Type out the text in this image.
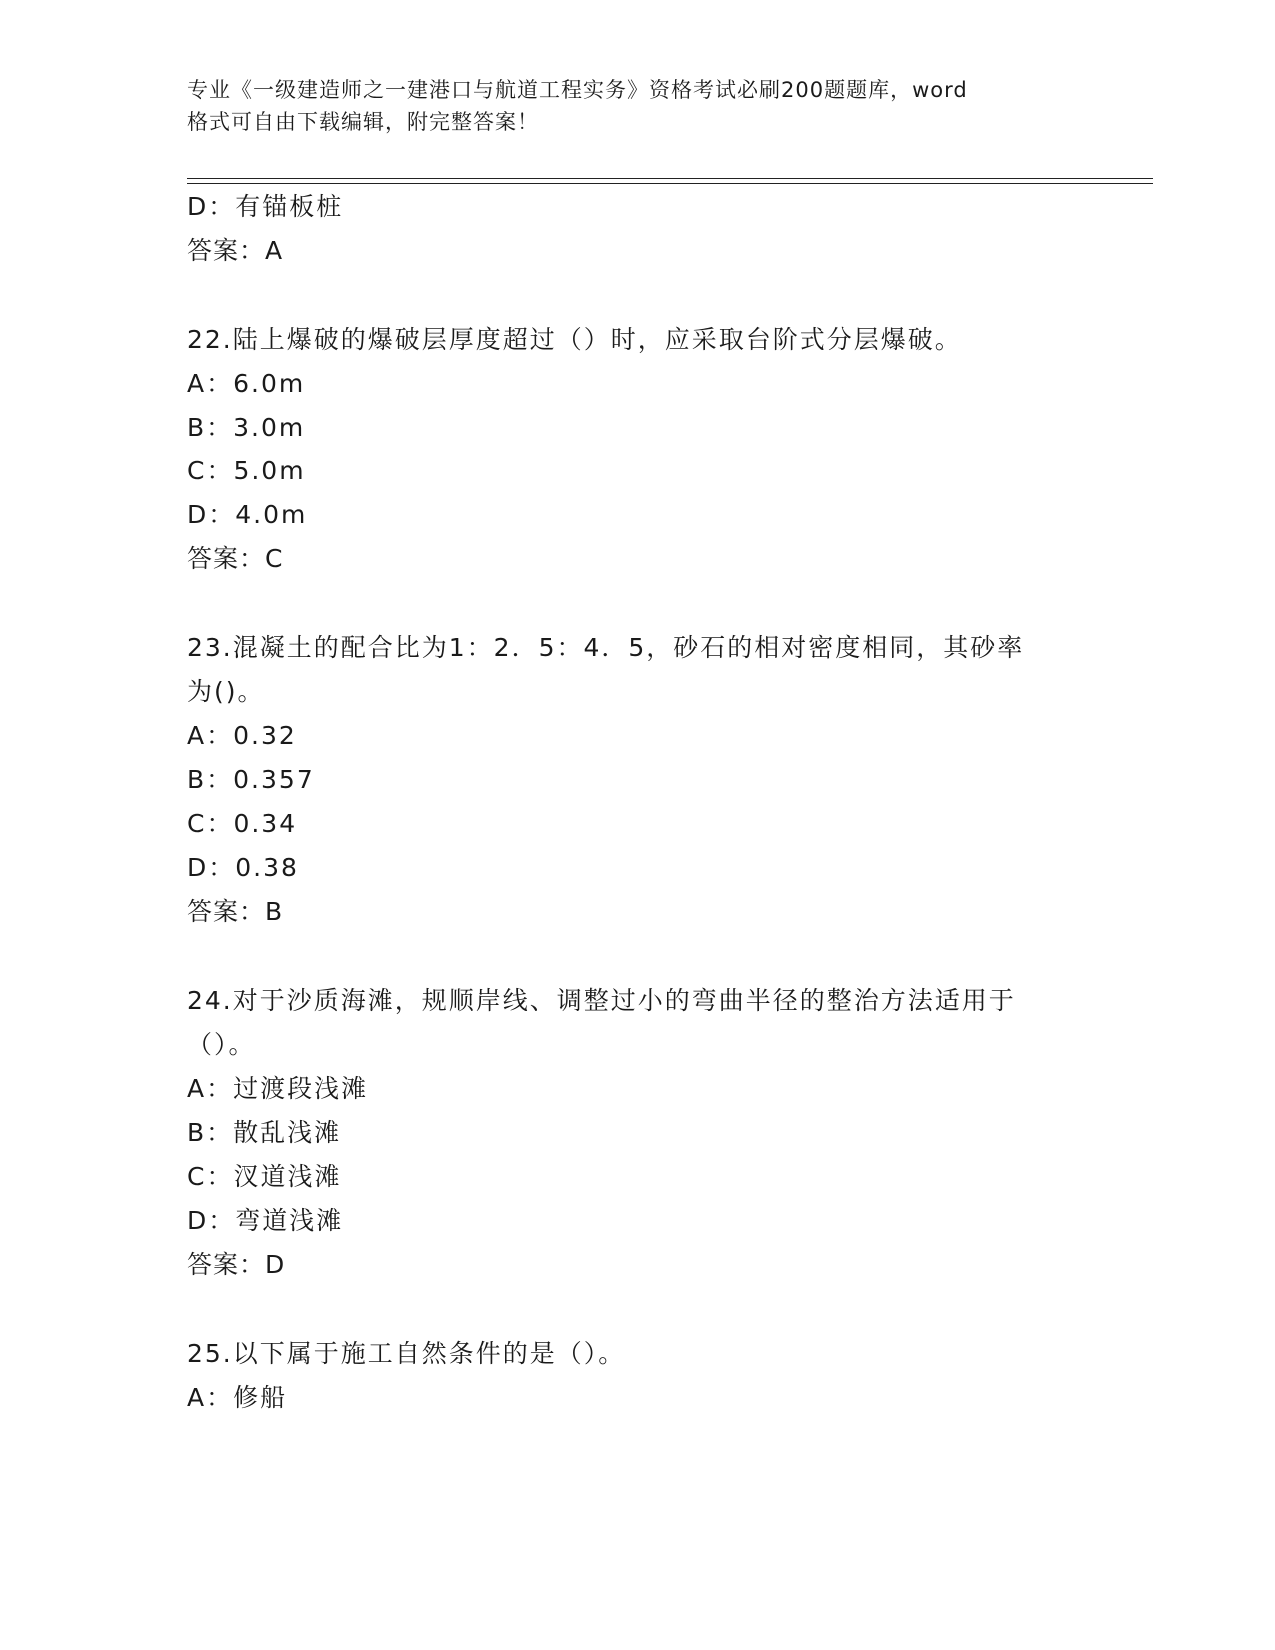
专业《一级建造师之一建港口与航道工程实务》资格考试必刷200题题库，word
格式可自由下载编辑，附完整答案！
D：有锚板桩
答案：A
22.陆上爆破的爆破层厚度超过（）时，应采取台阶式分层爆破。
A：6.0m
B：3.0m
C：5.0m
D：4.0m
答案：C
23.混凝土的配合比为1：2．5：4．5，砂石的相对密度相同，其砂率
为()。
A：0.32
B：0.357
C：0.34
D：0.38
答案：B
24.对于沙质海滩，规顺岸线、调整过小的弯曲半径的整治方法适用于
（）。
A：过渡段浅滩
B：散乱浅滩
C：汊道浅滩
D：弯道浅滩
答案：D
25.以下属于施工自然条件的是（）。
A：修船
